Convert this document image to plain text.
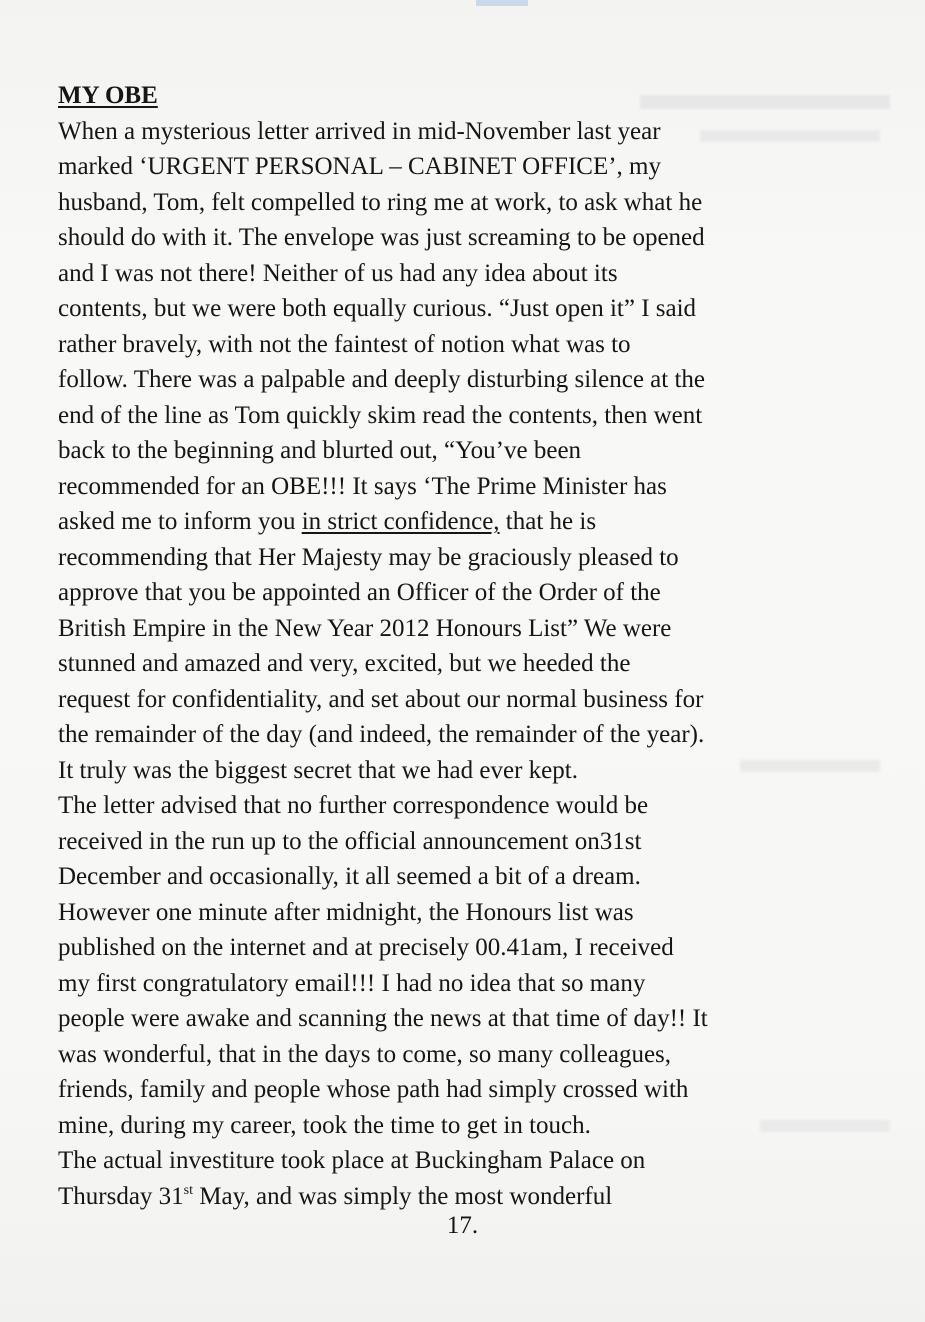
MY OBE

When a mysterious letter arrived in mid-November last year

marked ‘URGENT PERSONAL – CABINET OFFICE’, my

husband, Tom, felt compelled to ring me at work, to ask what he

should do with it. The envelope was just screaming to be opened

and I was not there! Neither of us had any idea about its

contents, but we were both equally curious. “Just open it” I said

rather bravely, with not the faintest of notion what was to

follow. There was a palpable and deeply disturbing silence at the

end of the line as Tom quickly skim read the contents, then went

back to the beginning and blurted out, “You’ve been

recommended for an OBE!!! It says ‘The Prime Minister has

asked me to inform you in strict confidence, that he is

recommending that Her Majesty may be graciously pleased to

approve that you be appointed an Officer of the Order of the

British Empire in the New Year 2012 Honours List” We were

stunned and amazed and very, excited, but we heeded the

request for confidentiality, and set about our normal business for

the remainder of the day (and indeed, the remainder of the year).

It truly was the biggest secret that we had ever kept.

The letter advised that no further correspondence would be

received in the run up to the official announcement on31st

December and occasionally, it all seemed a bit of a dream.

However one minute after midnight, the Honours list was

published on the internet and at precisely 00.41am, I received

my first congratulatory email!!! I had no idea that so many

people were awake and scanning the news at that time of day!! It

was wonderful, that in the days to come, so many colleagues,

friends, family and people whose path had simply crossed with

mine, during my career, took the time to get in touch.

The actual investiture took place at Buckingham Palace on

Thursday 31st May, and was simply the most wonderful

17.
